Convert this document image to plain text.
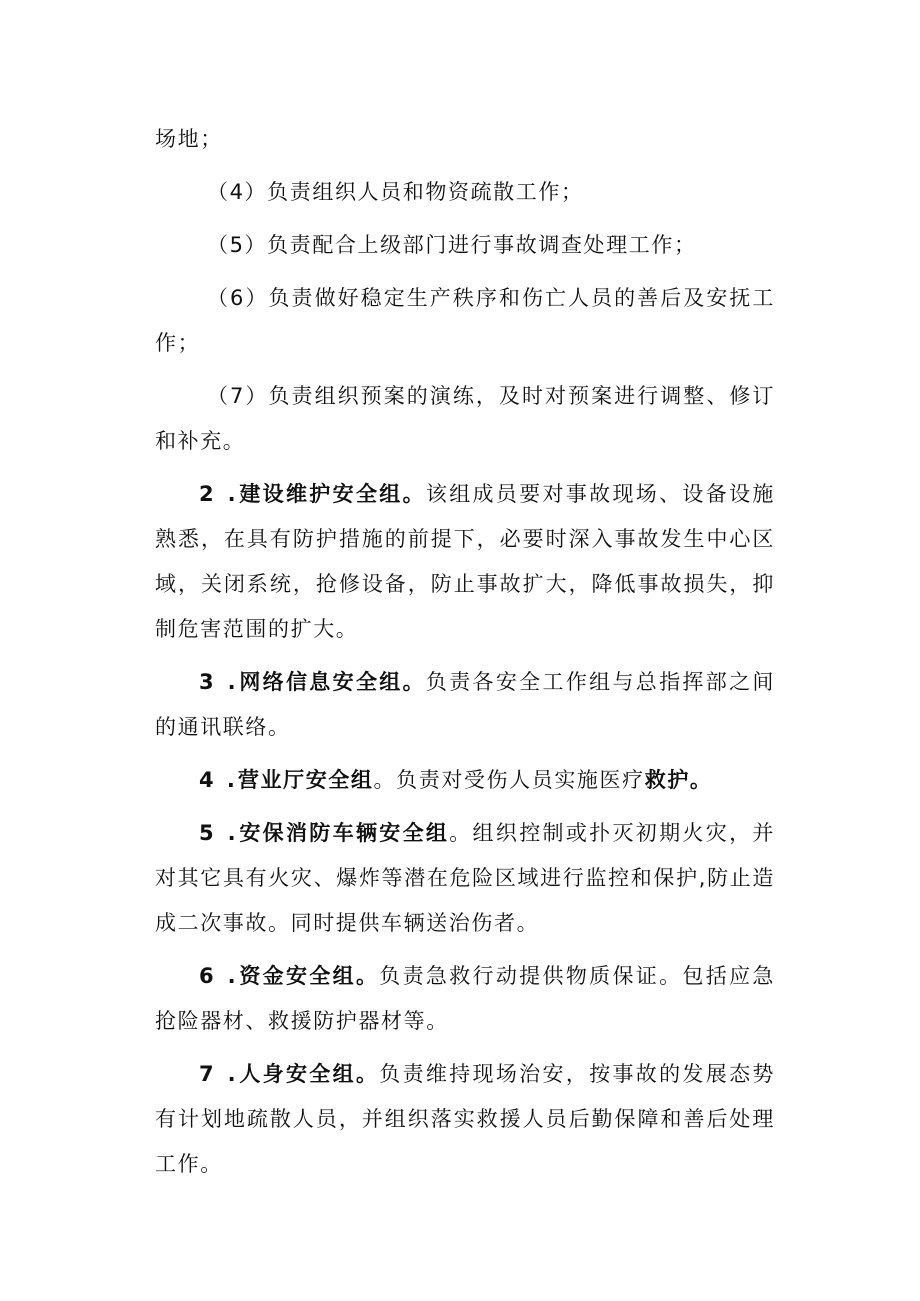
场地；

（4）负责组织人员和物资疏散工作；

（5）负责配合上级部门进行事故调查处理工作；

（6）负责做好稳定生产秩序和伤亡人员的善后及安抚工作；

（7）负责组织预案的演练，及时对预案进行调整、修订和补充。

2 .建设维护安全组。该组成员要对事故现场、设备设施熟悉，在具有防护措施的前提下，必要时深入事故发生中心区域，关闭系统，抢修设备，防止事故扩大，降低事故损失，抑制危害范围的扩大。

3 .网络信息安全组。负责各安全工作组与总指挥部之间的通讯联络。

4 .营业厅安全组。负责对受伤人员实施医疗救护。

5 .安保消防车辆安全组。组织控制或扑灭初期火灾，并对其它具有火灾、爆炸等潜在危险区域进行监控和保护,防止造成二次事故。同时提供车辆送治伤者。

6 .资金安全组。负责急救行动提供物质保证。包括应急抢险器材、救援防护器材等。

7 .人身安全组。负责维持现场治安，按事故的发展态势有计划地疏散人员，并组织落实救援人员后勤保障和善后处理工作。
